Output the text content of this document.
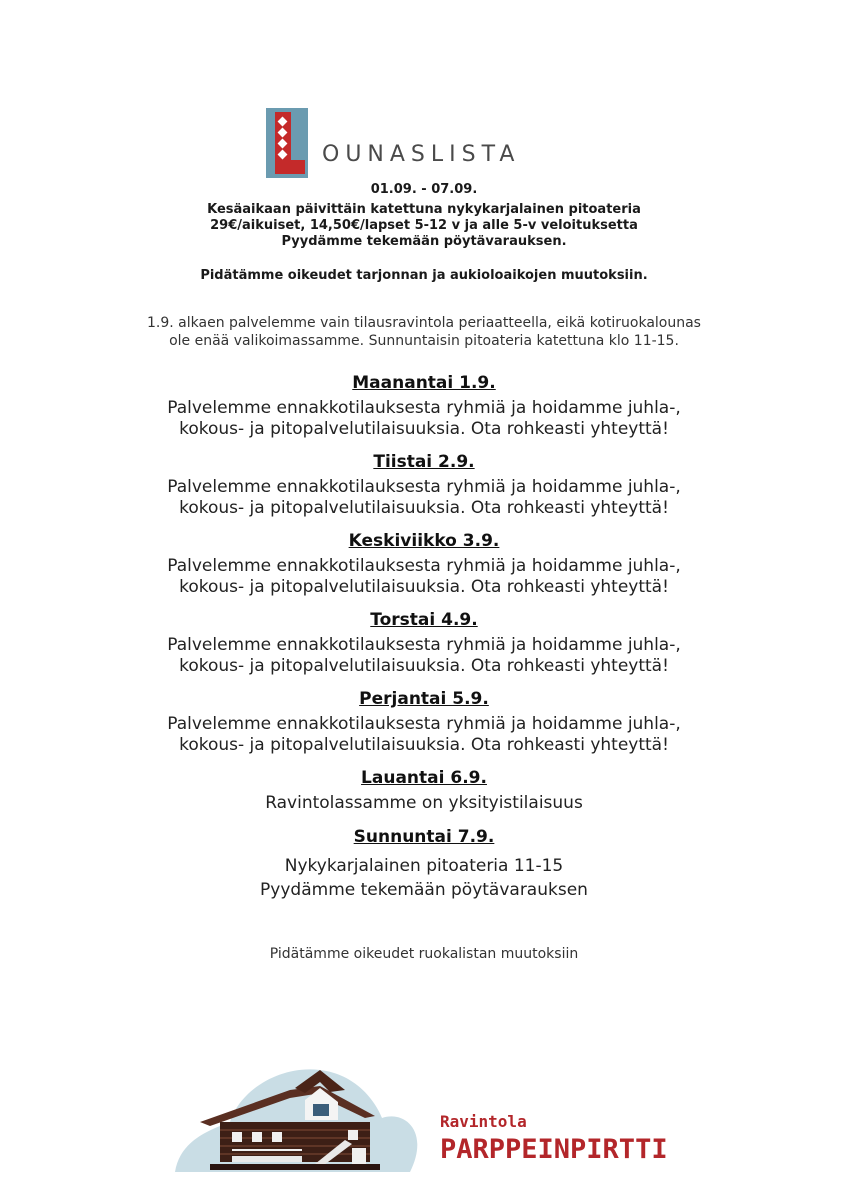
OUNASLISTA

01.09. - 07.09.

Kesäaikaan päivittäin katettuna nykykarjalainen pitoateria

29€/aikuiset, 14,50€/lapset 5-12 v ja alle 5-v veloituksetta

Pyydämme tekemään pöytävarauksen.

Pidätämme oikeudet tarjonnan ja aukioloaikojen muutoksiin.

1.9. alkaen palvelemme vain tilausravintola periaatteella, eikä kotiruokalounas

ole enää valikoimassamme. Sunnuntaisin pitoateria katettuna klo 11-15.

Maanantai 1.9.

Palvelemme ennakkotilauksesta ryhmiä ja hoidamme juhla-,
kokous- ja pitopalvelutilaisuuksia. Ota rohkeasti yhteyttä!

Tiistai 2.9.

Palvelemme ennakkotilauksesta ryhmiä ja hoidamme juhla-,
kokous- ja pitopalvelutilaisuuksia. Ota rohkeasti yhteyttä!

Keskiviikko 3.9.

Palvelemme ennakkotilauksesta ryhmiä ja hoidamme juhla-,
kokous- ja pitopalvelutilaisuuksia. Ota rohkeasti yhteyttä!

Torstai 4.9.

Palvelemme ennakkotilauksesta ryhmiä ja hoidamme juhla-,
kokous- ja pitopalvelutilaisuuksia. Ota rohkeasti yhteyttä!

Perjantai 5.9.

Palvelemme ennakkotilauksesta ryhmiä ja hoidamme juhla-,
kokous- ja pitopalvelutilaisuuksia. Ota rohkeasti yhteyttä!

Lauantai 6.9.

Ravintolassamme on yksityistilaisuus

Sunnuntai 7.9.

Nykykarjalainen pitoateria 11-15
Pyydämme tekemään pöytävarauksen

Pidätämme oikeudet ruokalistan muutoksiin
Ravintola
PARPPEINPIRTTI
